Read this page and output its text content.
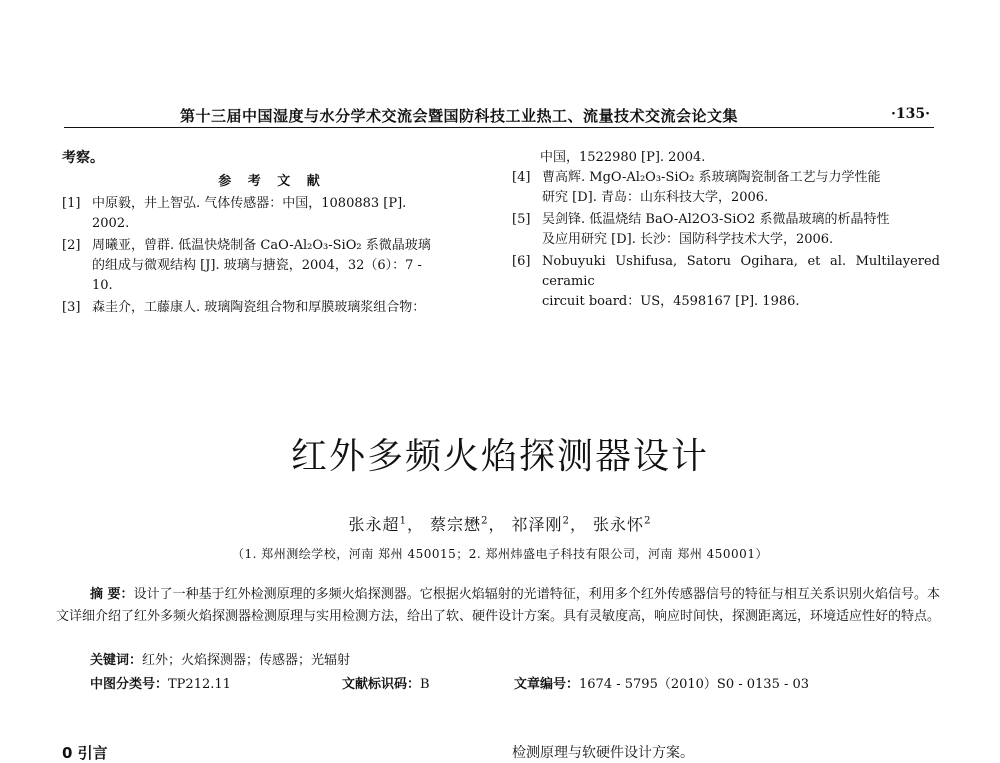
第十三届中国湿度与水分学术交流会暨国防科技工业热工、流量技术交流会论文集	·135·
考察。
参 考 文 献
[1] 中原毅，井上智弘. 气体传感器：中国，1080883 [P].
2002.
[2] 周曦亚，曾群. 低温快烧制备 CaO-Al₂O₃-SiO₂ 系微晶玻璃
的组成与微观结构 [J]. 玻璃与搪瓷，2004，32（6）：7 -
10.
[3] 森圭介，工藤康人. 玻璃陶瓷组合物和厚膜玻璃浆组合物：
中国，1522980 [P]. 2004.
[4] 曹高辉. MgO-Al₂O₃-SiO₂ 系玻璃陶瓷制备工艺与力学性能
研究 [D]. 青岛：山东科技大学，2006.
[5] 吴剑锋. 低温烧结 BaO-Al2O3-SiO2 系微晶玻璃的析晶特性
及应用研究 [D]. 长沙：国防科学技术大学，2006.
[6] Nobuyuki Ushifusa, Satoru Ogihara, et al. Multilayered ceramic
circuit board：US，4598167 [P]. 1986.
红外多频火焰探测器设计
张永超$^1$， 蔡宗懋$^2$， 祁泽刚$^2$， 张永怀$^2$
（1. 郑州测绘学校，河南 郑州 450015；2. 郑州炜盛电子科技有限公司，河南 郑州 450001）
摘 要：设计了一种基于红外检测原理的多频火焰探测器。它根据火焰辐射的光谱特征，利用多个红外传感器信号的特征与相互关系识别火焰信号。本文详细介绍了红外多频火焰探测器检测原理与实用检测方法，给出了软、硬件设计方案。具有灵敏度高，响应时间快，探测距离远，环境适应性好的特点。
关键词：红外；火焰探测器；传感器；光辐射
中图分类号：TP212.11	文献标识码：B	文章编号：1674 - 5795（2010）S0 - 0135 - 03
0 引言	检测原理与软硬件设计方案。
